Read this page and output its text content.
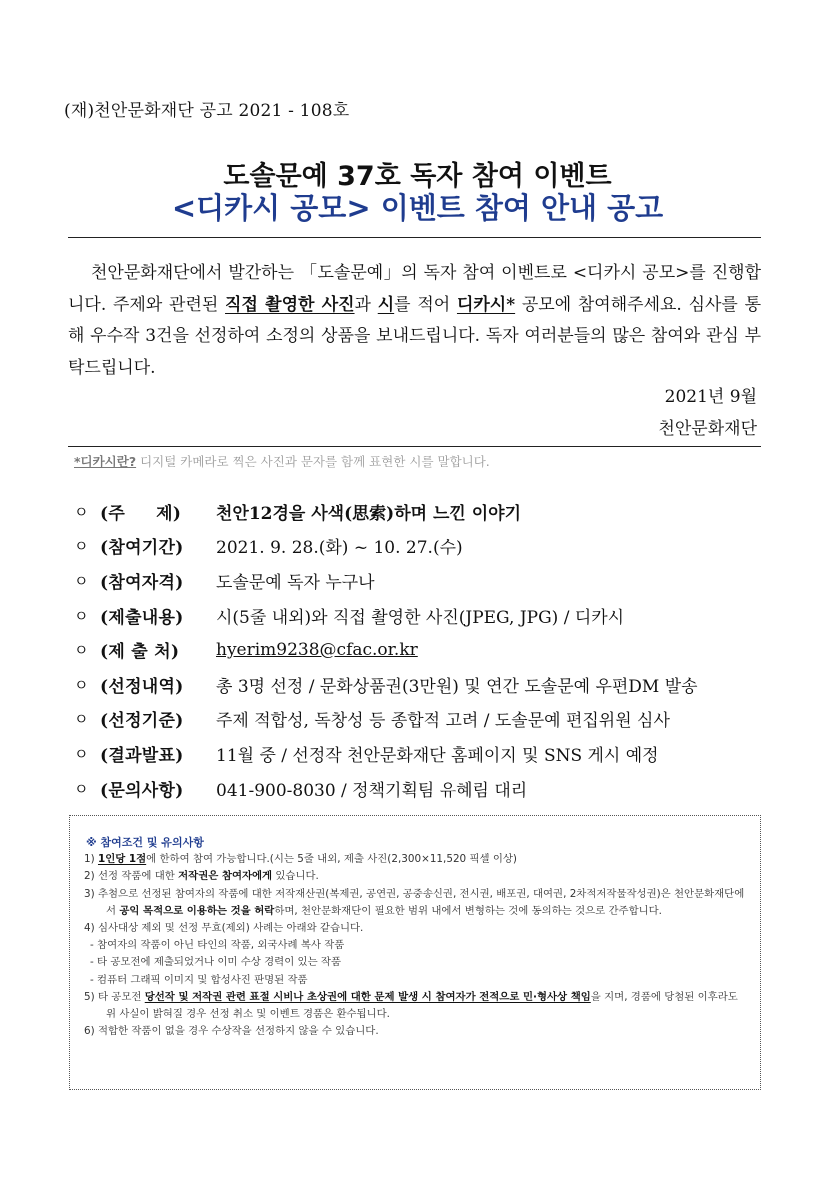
(재)천안문화재단 공고 2021 - 108호
도솔문예 37호 독자 참여 이벤트
<디카시 공모> 이벤트 참여 안내 공고

천안문화재단에서 발간하는 「도솔문예」의 독자 참여 이벤트로 <디카시 공모>를 진행합니다. 주제와 관련된 직접 촬영한 사진과 시를 적어 디카시* 공모에 참여해주세요. 심사를 통해 우수작 3건을 선정하여 소정의 상품을 보내드립니다. 독자 여러분들의 많은 참여와 관심 부탁드립니다.

2021년 9월
천안문화재단
*디카시란? 디지털 카메라로 찍은 사진과 문자를 함께 표현한 시를 말합니다.
ㅇ (주     제)	천안12경을 사색(思索)하며 느낀 이야기
ㅇ (참여기간)	2021. 9. 28.(화) ~ 10. 27.(수)
ㅇ (참여자격)	도솔문예 독자 누구나
ㅇ (제출내용)	시(5줄 내외)와 직접 촬영한 사진(JPEG, JPG) / 디카시
ㅇ (제 출 처)	hyerim9238@cfac.or.kr
ㅇ (선정내역)	총 3명 선정 / 문화상품권(3만원) 및 연간 도솔문예 우편DM 발송
ㅇ (선정기준)	주제 적합성, 독창성 등 종합적 고려 / 도솔문예 편집위원 심사
ㅇ (결과발표)	11월 중 / 선정작 천안문화재단 홈페이지 및 SNS 게시 예정
ㅇ (문의사항)	041-900-8030 / 정책기획팀 유혜림 대리
※ 참여조건 및 유의사항
1) 1인당 1점에 한하여 참여 가능합니다.(시는 5줄 내외, 제출 사진(2,300×11,520 픽셀 이상)
2) 선정 작품에 대한 저작권은 참여자에게 있습니다.
3) 추첨으로 선정된 참여자의 작품에 대한 저작재산권(복제권, 공연권, 공중송신권, 전시권, 배포권, 대여권, 2차적저작물작성권)은 천안문화재단에서 공익 목적으로 이용하는 것을 허락하며, 천안문화재단이 필요한 범위 내에서 변형하는 것에 동의하는 것으로 간주합니다.
4) 심사대상 제외 및 선정 무효(제외) 사례는 아래와 같습니다.
- 참여자의 작품이 아닌 타인의 작품, 외국사례 복사 작품
- 타 공모전에 제출되었거나 이미 수상 경력이 있는 작품
- 컴퓨터 그래픽 이미지 및 합성사진 판명된 작품
5) 타 공모전 당선작 및 저작권 관련 표절 시비나 초상권에 대한 문제 발생 시 참여자가 전적으로 민·형사상 책임을 지며, 경품에 당첨된 이후라도 위 사실이 밝혀질 경우 선정 취소 및 이벤트 경품은 환수됩니다.
6) 적합한 작품이 없을 경우 수상작을 선정하지 않을 수 있습니다.
